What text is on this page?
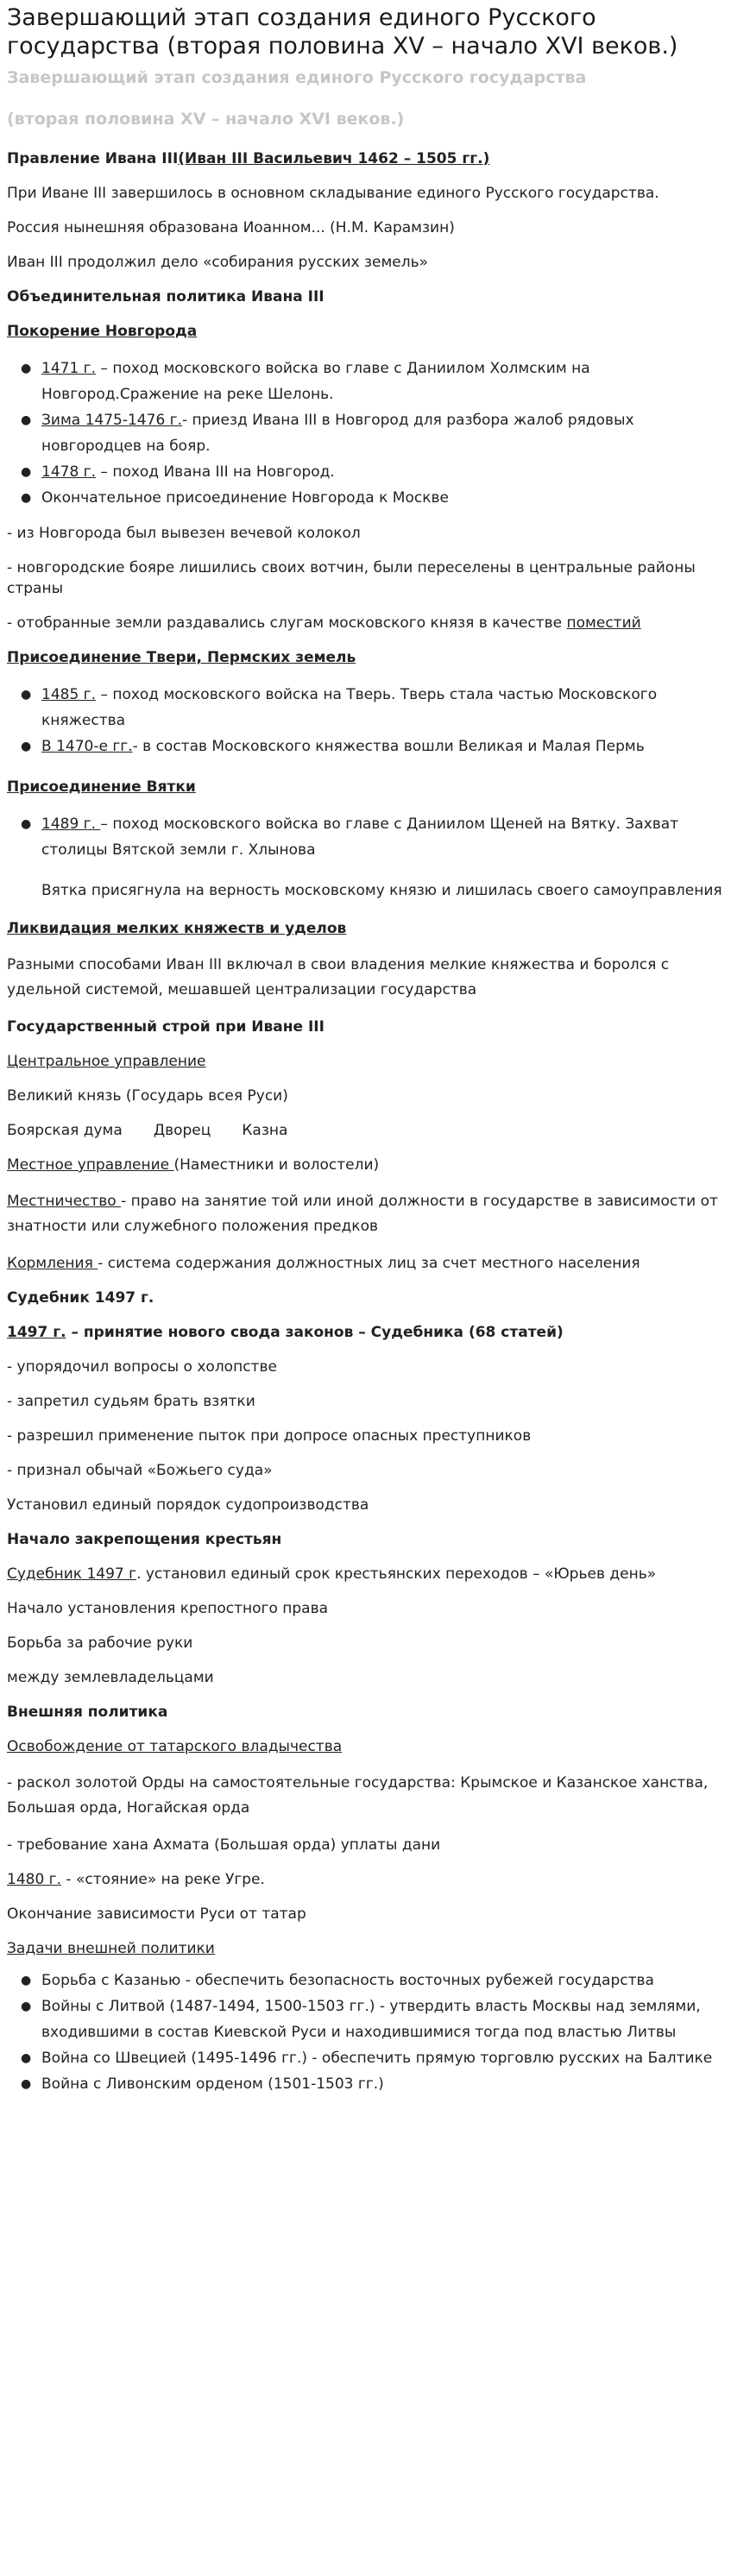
Завершающий этап создания единого Русского государства (вторая половина XV – начало XVI веков.)

Завершающий этап создания единого Русского государства

(вторая половина XV – начало XVI веков.)

Правление Ивана III(Иван III Васильевич 1462 – 1505 гг.)

При Иване III завершилось в основном складывание единого Русского государства.

Россия нынешняя образована Иоанном... (Н.М. Карамзин)

Иван III продолжил дело «собирания русских земель»

Объединительная политика Ивана III

Покорение Новгорода

● 1471 г. – поход московского войска во главе с Даниилом Холмским на Новгород.Сражение на реке Шелонь.
● Зима 1475-1476 г.- приезд Ивана III в Новгород для разбора жалоб рядовых новгородцев на бояр.
● 1478 г. – поход Ивана III на Новгород.
● Окончательное присоединение Новгорода к Москве

- из Новгорода был вывезен вечевой колокол

- новгородские бояре лишились своих вотчин, были переселены в центральные районы страны

- отобранные земли раздавались слугам московского князя в качестве поместий

Присоединение Твери, Пермских земель

● 1485 г. – поход московского войска на Тверь. Тверь стала частью Московского княжества
● В 1470-е гг.- в состав Московского княжества вошли Великая и Малая Пермь

Присоединение Вятки

● 1489 г. – поход московского войска во главе с Даниилом Щеней на Вятку. Захват столицы Вятской земли г. Хлынова

Вятка присягнула на верность московскому князю и лишилась своего самоуправления

Ликвидация мелких княжеств и уделов

Разными способами Иван III включал в свои владения мелкие княжества и боролся с удельной системой, мешавшей централизации государства

Государственный строй при Иване III

Центральное управление

Великий князь (Государь всея Руси)

Боярская дума Дворец Казна

Местное управление (Наместники и волостели)

Местничество - право на занятие той или иной должности в государстве в зависимости от знатности или служебного положения предков

Кормления - система содержания должностных лиц за счет местного населения

Судебник 1497 г.

1497 г. – принятие нового свода законов – Судебника (68 статей)

- упорядочил вопросы о холопстве

- запретил судьям брать взятки

- разрешил применение пыток при допросе опасных преступников

- признал обычай «Божьего суда»

Установил единый порядок судопроизводства

Начало закрепощения крестьян

Судебник 1497 г. установил единый срок крестьянских переходов – «Юрьев день»

Начало установления крепостного права

Борьба за рабочие руки

между землевладельцами

Внешняя политика

Освобождение от татарского владычества

- раскол золотой Орды на самостоятельные государства: Крымское и Казанское ханства, Большая орда, Ногайская орда

- требование хана Ахмата (Большая орда) уплаты дани

1480 г. - «стояние» на реке Угре.

Окончание зависимости Руси от татар

Задачи внешней политики

● Борьба с Казанью - обеспечить безопасность восточных рубежей государства
● Войны с Литвой (1487-1494, 1500-1503 гг.) - утвердить власть Москвы над землями, входившими в состав Киевской Руси и находившимися тогда под властью Литвы
● Война со Швецией (1495-1496 гг.) - обеспечить прямую торговлю русских на Балтике
● Война с Ливонским орденом (1501-1503 гг.)
